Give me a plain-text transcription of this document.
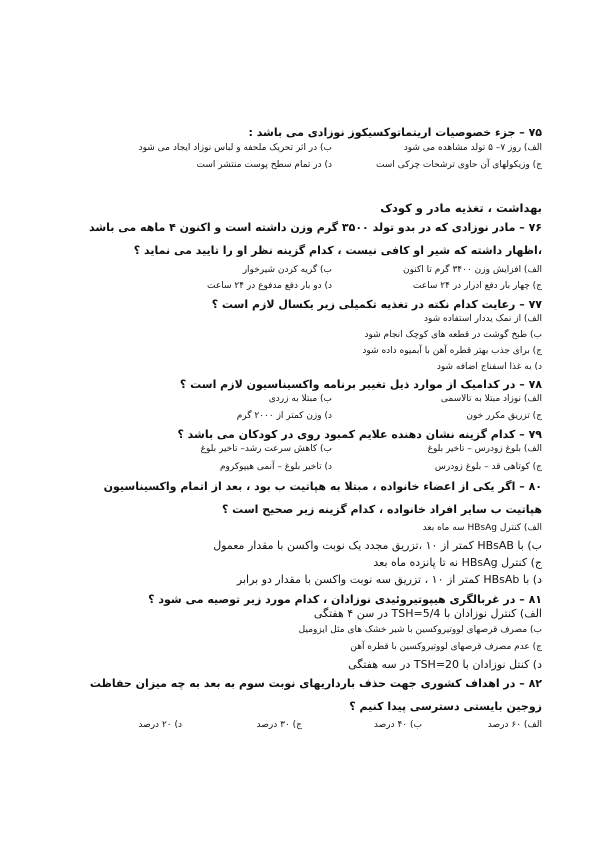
۷۵ – جزء خصوصیات اریتماتوکسیکوز نوزادی می باشد :
الف) روز ۷– ۵ تولد مشاهده می شود
ب) در اثر تحریک ملحفه و لباس نوزاد ایجاد می شود
ج) وزیکولهای آن حاوی ترشحات چرکی است
د) در تمام سطح پوست منتشر است
بهداشت ، تغذیه مادر و کودک
۷۶ – مادر نوزادی که در بدو تولد ۳۵۰۰ گرم وزن داشته است و اکنون ۴ ماهه می باشد ،اظهار داشته که شیر او کافی نیست ، کدام گزینه نظر او را تایید می نماید ؟
الف) افزایش وزن ۳۴۰۰ گرم تا اکنون
ب) گریه کردن شیرخوار
ج) چهار بار دفع ادرار در ۲۴ ساعت
د) دو بار دفع مدفوع در ۲۴ ساعت
۷۷ – رعایت کدام نکته در تغذیه تکمیلی زیر یکسال لازم است ؟
الف) از نمک یددار استفاده شود
ب) طبخ گوشت در قطعه های کوچک انجام شود
ج) برای جذب بهتر قطره آهن با آبمیوه داده شود
د) به غذا اسفناج اضافه شود
۷۸ – در کدامیک از موارد ذیل تغییر برنامه واکسیناسیون لازم است ؟
الف) نوزاد مبتلا به تالاسمی
ب) مبتلا به زردی
ج) تزریق مکرر خون
د) وزن کمتر از ۲۰۰۰ گرم
۷۹ – کدام گزینه نشان دهنده علایم کمبود روی در کودکان می باشد ؟
الف) بلوغ زودرس – تاخیر بلوغ
ب) کاهش سرعت رشد– تاخیر بلوغ
ج) کوتاهی قد – بلوغ زودرس
د) تاخیر بلوغ – آنمی هیپوکروم
۸۰ – اگر یکی از اعضاء خانواده ، مبتلا به هپاتیت ب بود ، بعد از اتمام واکسیناسیون هپاتیت ب سایر افراد خانواده ، کدام گزینه زیر صحیح است ؟
الف) کنترل HBsAg سه ماه بعد
ب) با HBsAB کمتر از ۱۰ ،تزریق مجدد یک نوبت واکسن با مقدار معمول
ج) کنترل HBsAg نه تا پانزده ماه بعد
د) با HBsAb کمتر از ۱۰ ، تزریق سه نوبت واکسن با مقدار دو برابر
۸۱ – در غربالگری هیپوتیروئیدی نوزادان ، کدام مورد زیر توصیه می شود ؟
الف) کنترل نوزادان با TSH=5/4 در سن ۴ هفتگی
ب) مصرف قرصهای لووتیروکسین با شیر خشک های مثل ایزومیل
ج) عدم مصرف قرصهای لووتیروکسین با قطره آهن
د) کنتل نوزادان با TSH=20 در سه هفتگی
۸۲ – در اهداف کشوری جهت حذف بارداریهای نوبت سوم به بعد به چه میزان حفاظت زوجین بایستی دسترسی پیدا کنیم ؟
الف) ۶۰ درصد
ب) ۴۰ درصد
ج) ۳۰ درصد
د) ۲۰ درصد
